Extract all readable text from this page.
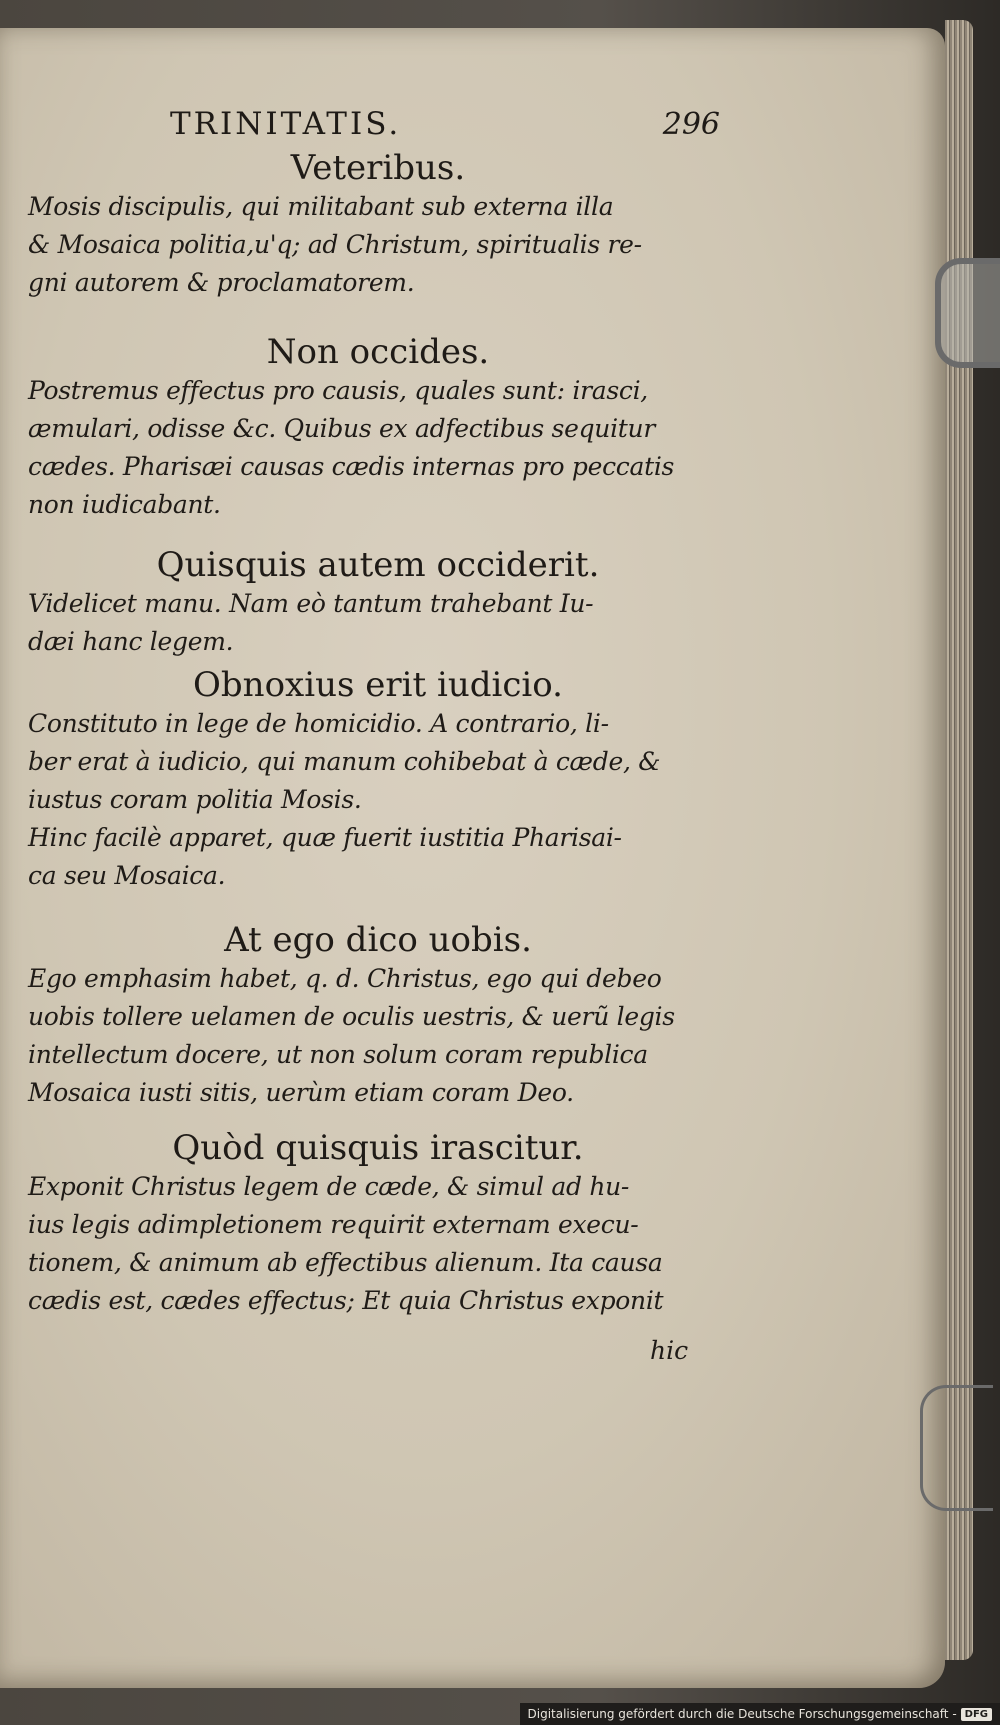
TRINITATIS.	296
Veteribus.

Mosis discipulis, qui militabant sub externa illa
& Mosaica politia,u'q; ad Christum, spiritualis re-
gni autorem & proclamatorem.

Non occides.

Postremus effectus pro causis, quales sunt: irasci,
æmulari, odisse &c. Quibus ex adfectibus sequitur
cædes. Pharisæi causas cædis internas pro peccatis
non iudicabant.

Quisquis autem occiderit.

Videlicet manu. Nam eò tantum trahebant Iu-
dæi hanc legem.

Obnoxius erit iudicio.

Constituto in lege de homicidio. A contrario, li-
ber erat à iudicio, qui manum cohibebat à cæde, &
iustus coram politia Mosis.
Hinc facilè apparet, quæ fuerit iustitia Pharisai-
ca seu Mosaica.

At ego dico uobis.

Ego emphasim habet, q. d. Christus, ego qui debeo
uobis tollere uelamen de oculis uestris, & uerũ legis
intellectum docere, ut non solum coram republica
Mosaica iusti sitis, uerùm etiam coram Deo.

Quòd quisquis irascitur.

Exponit Christus legem de cæde, & simul ad hu-
ius legis adimpletionem requirit externam execu-
tionem, & animum ab effectibus alienum. Ita causa
cædis est, cædes effectus; Et quia Christus exponit

hic
Digitalisierung gefördert durch die Deutsche Forschungsgemeinschaft - DFG
